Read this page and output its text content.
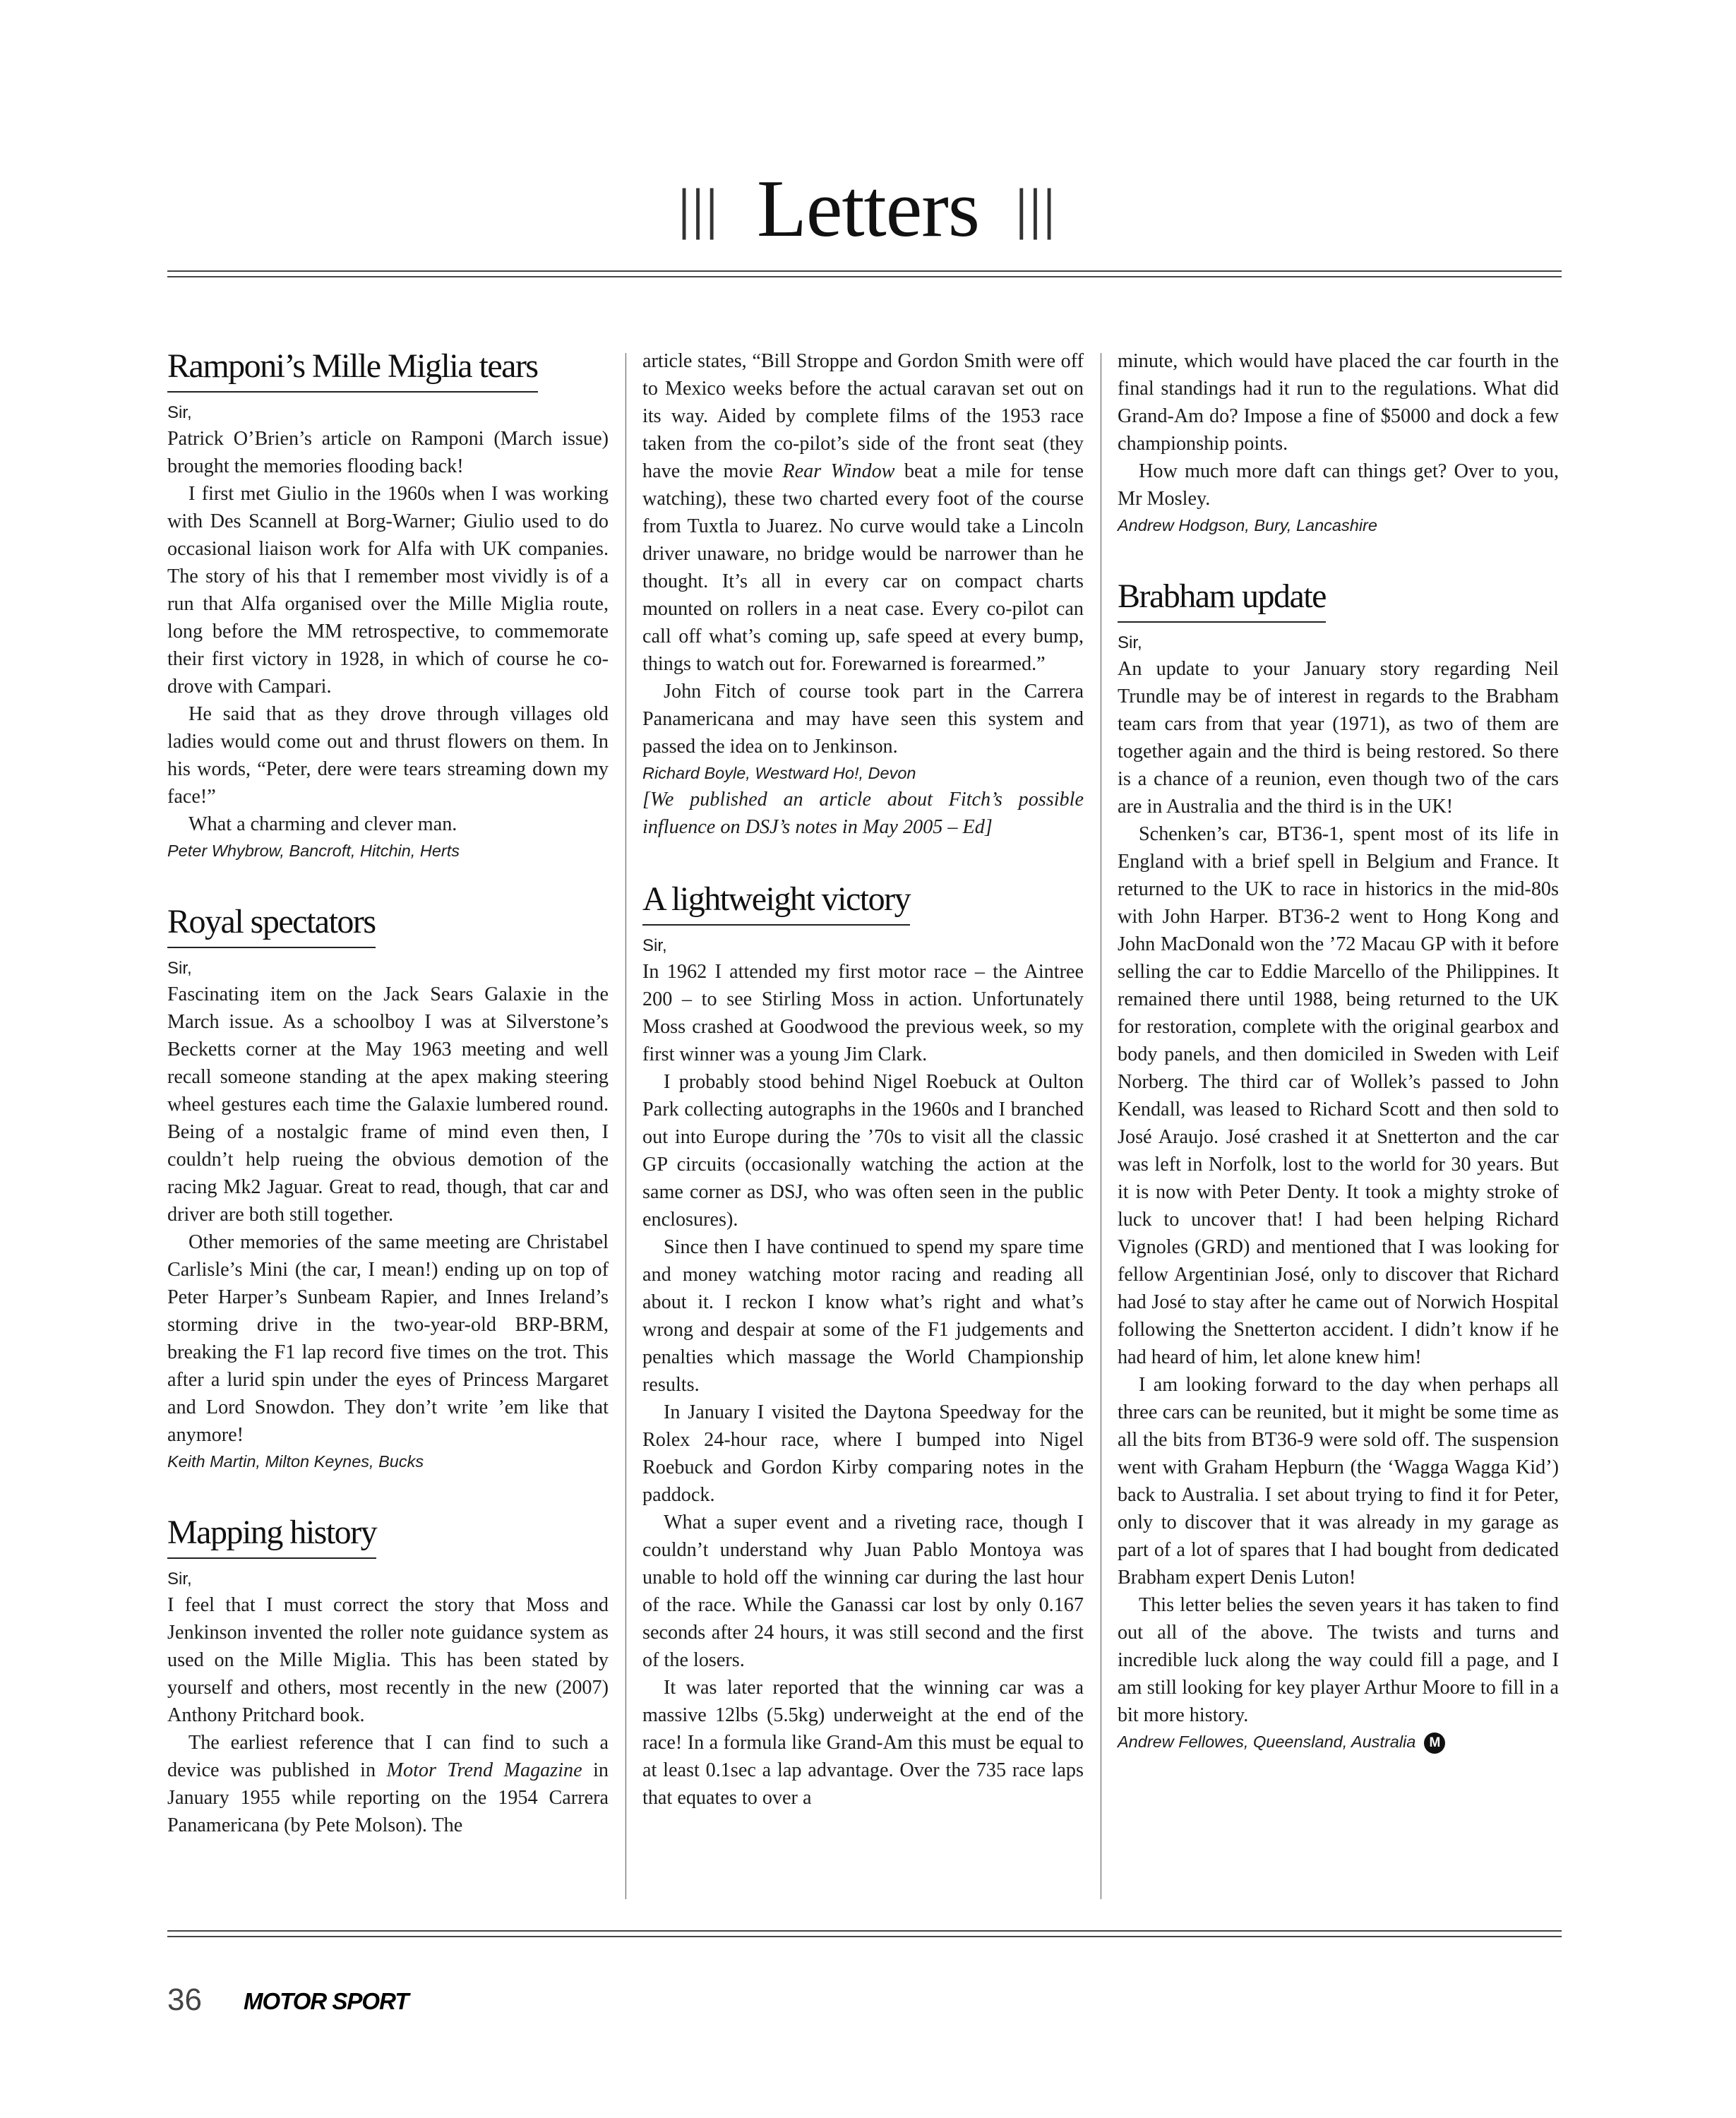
||| Letters |||
Ramponi’s Mille Miglia tears

Sir,

Patrick O’Brien’s article on Ramponi (March issue) brought the memories flooding back!

I first met Giulio in the 1960s when I was working with Des Scannell at Borg-Warner; Giulio used to do occasional liaison work for Alfa with UK companies. The story of his that I remember most vividly is of a run that Alfa organised over the Mille Miglia route, long before the MM retrospective, to commemorate their first victory in 1928, in which of course he co-drove with Campari.

He said that as they drove through villages old ladies would come out and thrust flowers on them. In his words, “Peter, dere were tears streaming down my face!”

What a charming and clever man.

Peter Whybrow, Bancroft, Hitchin, Herts

Royal spectators

Sir,

Fascinating item on the Jack Sears Galaxie in the March issue. As a schoolboy I was at Silverstone’s Becketts corner at the May 1963 meeting and well recall someone standing at the apex making steering wheel gestures each time the Galaxie lumbered round. Being of a nostalgic frame of mind even then, I couldn’t help rueing the obvious demotion of the racing Mk2 Jaguar. Great to read, though, that car and driver are both still together.

Other memories of the same meeting are Christabel Carlisle’s Mini (the car, I mean!) ending up on top of Peter Harper’s Sunbeam Rapier, and Innes Ireland’s storming drive in the two-year-old BRP-BRM, breaking the F1 lap record five times on the trot. This after a lurid spin under the eyes of Princess Margaret and Lord Snowdon. They don’t write ’em like that anymore!

Keith Martin, Milton Keynes, Bucks

Mapping history

Sir,

I feel that I must correct the story that Moss and Jenkinson invented the roller note guidance system as used on the Mille Miglia. This has been stated by yourself and others, most recently in the new (2007) Anthony Pritchard book.

The earliest reference that I can find to such a device was published in Motor Trend Magazine in January 1955 while reporting on the 1954 Carrera Panamericana (by Pete Molson). The

article states, “Bill Stroppe and Gordon Smith were off to Mexico weeks before the actual caravan set out on its way. Aided by complete films of the 1953 race taken from the co-pilot’s side of the front seat (they have the movie Rear Window beat a mile for tense watching), these two charted every foot of the course from Tuxtla to Juarez. No curve would take a Lincoln driver unaware, no bridge would be narrower than he thought. It’s all in every car on compact charts mounted on rollers in a neat case. Every co-pilot can call off what’s coming up, safe speed at every bump, things to watch out for. Forewarned is forearmed.”

John Fitch of course took part in the Carrera Panamericana and may have seen this system and passed the idea on to Jenkinson.

Richard Boyle, Westward Ho!, Devon

[We published an article about Fitch’s possible influence on DSJ’s notes in May 2005 – Ed]

A lightweight victory

Sir,

In 1962 I attended my first motor race – the Aintree 200 – to see Stirling Moss in action. Unfortunately Moss crashed at Goodwood the previous week, so my first winner was a young Jim Clark.

I probably stood behind Nigel Roebuck at Oulton Park collecting autographs in the 1960s and I branched out into Europe during the ’70s to visit all the classic GP circuits (occasionally watching the action at the same corner as DSJ, who was often seen in the public enclosures).

Since then I have continued to spend my spare time and money watching motor racing and reading all about it. I reckon I know what’s right and what’s wrong and despair at some of the F1 judgements and penalties which massage the World Championship results.

In January I visited the Daytona Speedway for the Rolex 24-hour race, where I bumped into Nigel Roebuck and Gordon Kirby comparing notes in the paddock.

What a super event and a riveting race, though I couldn’t understand why Juan Pablo Montoya was unable to hold off the winning car during the last hour of the race. While the Ganassi car lost by only 0.167 seconds after 24 hours, it was still second and the first of the losers.

It was later reported that the winning car was a massive 12lbs (5.5kg) underweight at the end of the race! In a formula like Grand-Am this must be equal to at least 0.1sec a lap advantage. Over the 735 race laps that equates to over a

minute, which would have placed the car fourth in the final standings had it run to the regulations. What did Grand-Am do? Impose a fine of $5000 and dock a few championship points.

How much more daft can things get? Over to you, Mr Mosley.

Andrew Hodgson, Bury, Lancashire

Brabham update

Sir,

An update to your January story regarding Neil Trundle may be of interest in regards to the Brabham team cars from that year (1971), as two of them are together again and the third is being restored. So there is a chance of a reunion, even though two of the cars are in Australia and the third is in the UK!

Schenken’s car, BT36-1, spent most of its life in England with a brief spell in Belgium and France. It returned to the UK to race in historics in the mid-80s with John Harper. BT36-2 went to Hong Kong and John MacDonald won the ’72 Macau GP with it before selling the car to Eddie Marcello of the Philippines. It remained there until 1988, being returned to the UK for restoration, complete with the original gearbox and body panels, and then domiciled in Sweden with Leif Norberg. The third car of Wollek’s passed to John Kendall, was leased to Richard Scott and then sold to José Araujo. José crashed it at Snetterton and the car was left in Norfolk, lost to the world for 30 years. But it is now with Peter Denty. It took a mighty stroke of luck to uncover that! I had been helping Richard Vignoles (GRD) and mentioned that I was looking for fellow Argentinian José, only to discover that Richard had José to stay after he came out of Norwich Hospital following the Snetterton accident. I didn’t know if he had heard of him, let alone knew him!

I am looking forward to the day when perhaps all three cars can be reunited, but it might be some time as all the bits from BT36-9 were sold off. The suspension went with Graham Hepburn (the ‘Wagga Wagga Kid’) back to Australia. I set about trying to find it for Peter, only to discover that it was already in my garage as part of a lot of spares that I had bought from dedicated Brabham expert Denis Luton!

This letter belies the seven years it has taken to find out all of the above. The twists and turns and incredible luck along the way could fill a page, and I am still looking for key player Arthur Moore to fill in a bit more history.

Andrew Fellowes, Queensland, Australia M

36 MOTOR SPORT
